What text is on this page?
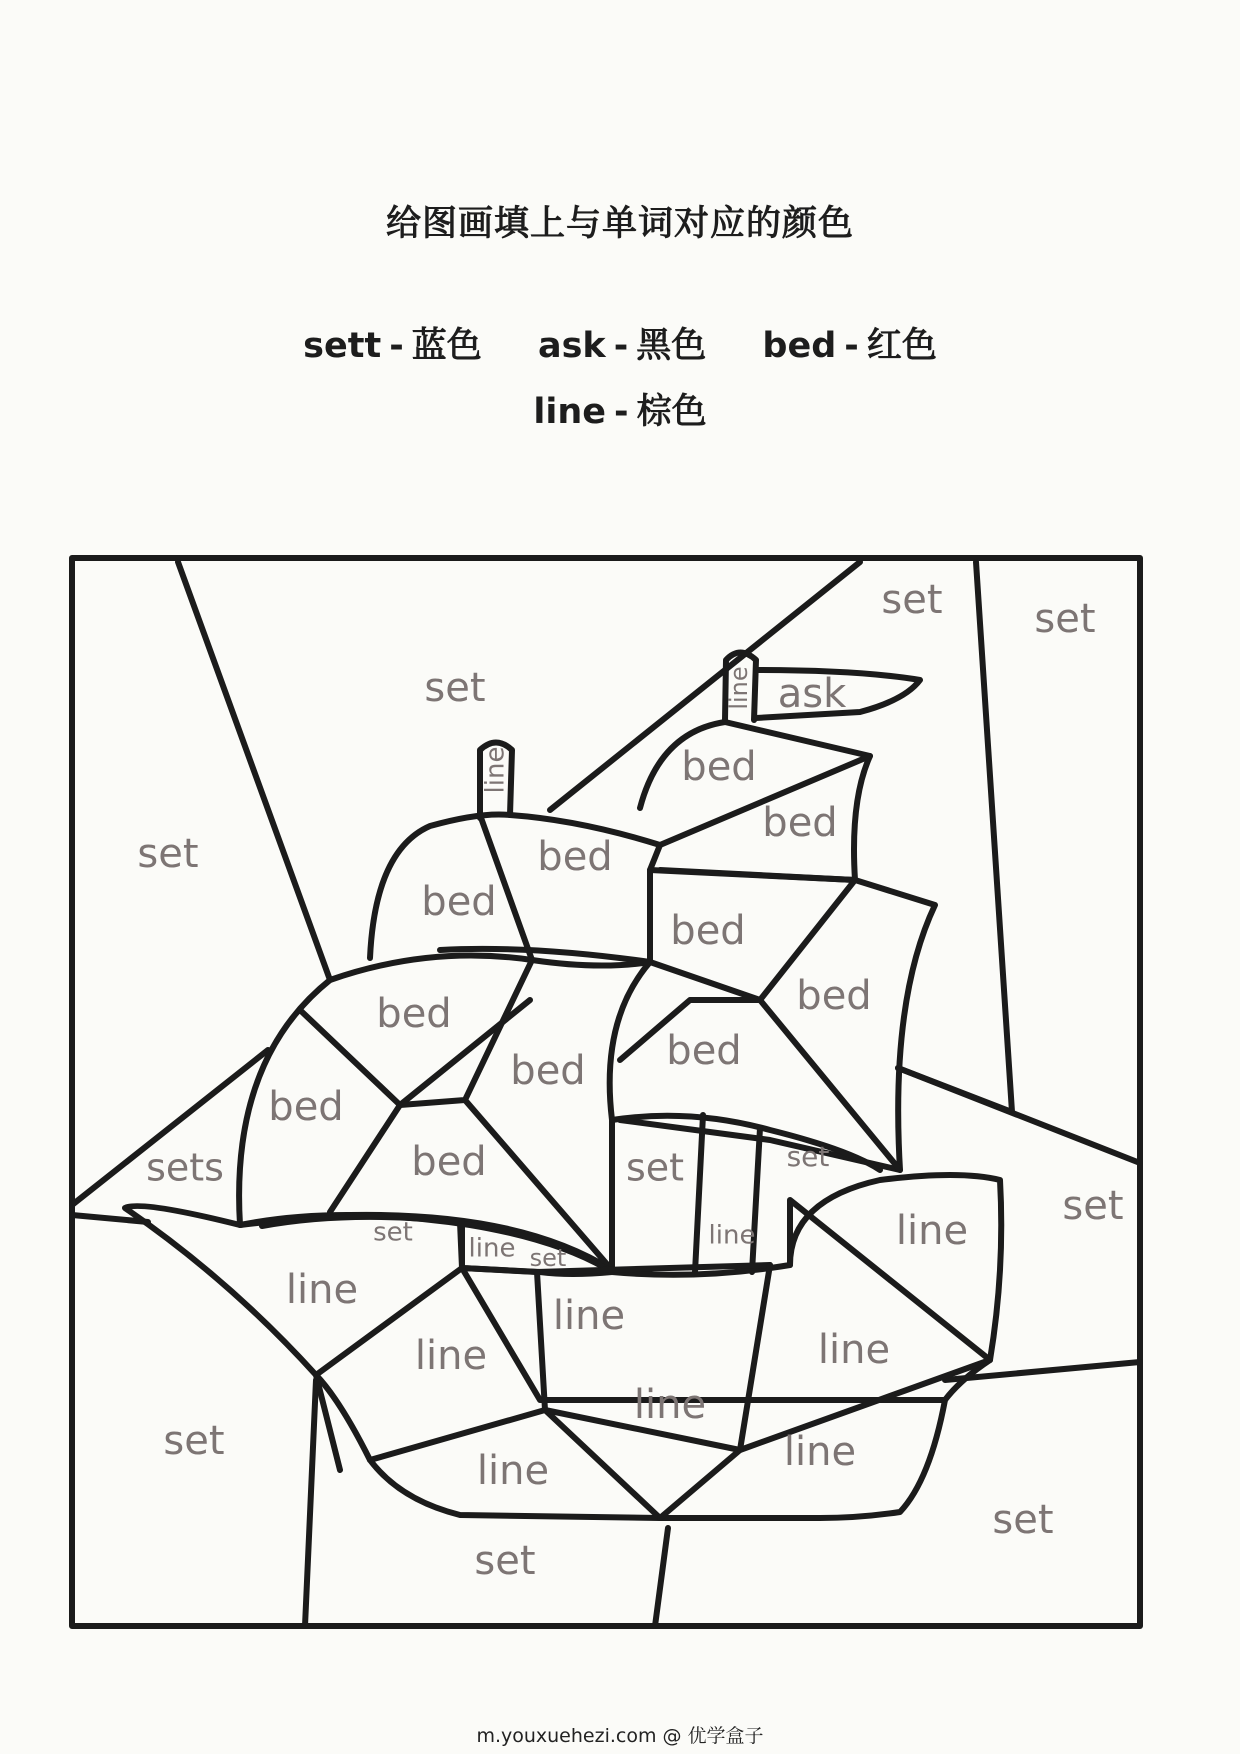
给图画填上与单词对应的颜色
sett - 蓝色 ask - 黑色 bed - 红色
line - 棕色
set
set set
set
sets
set
set
set
set
set	set
set
set
ask
line
line
bed
bed
bed
bed
bed
bed
bed
bed
bed
bed
bed
line	line	line
line
line
line	line
line
line	line
m.youxuehezi.com @ 优学盒子
